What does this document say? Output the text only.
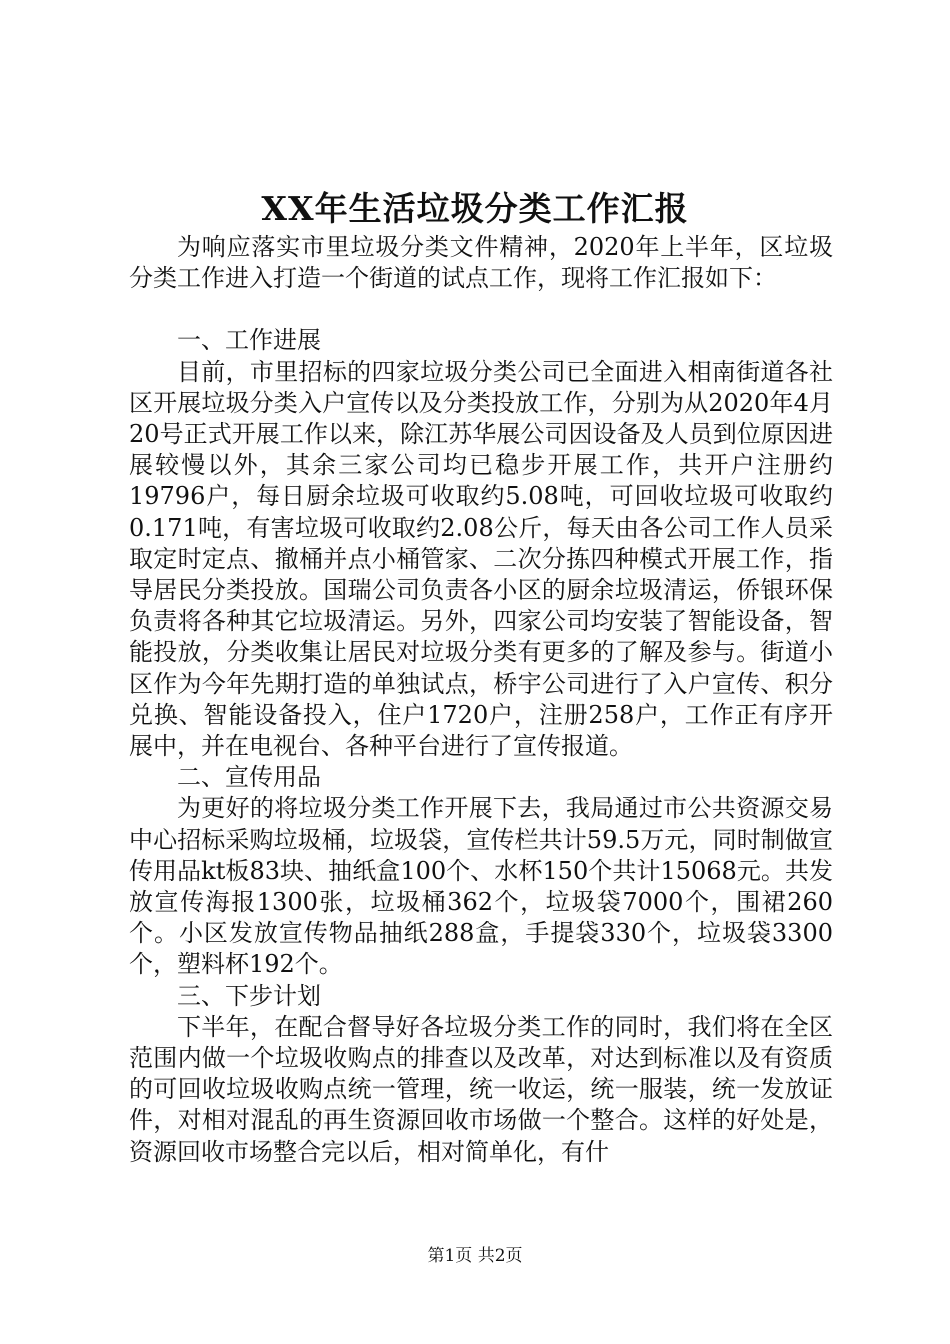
XX年生活垃圾分类工作汇报

为响应落实市里垃圾分类文件精神，2020年上半年，区垃圾分类工作进入打造一个街道的试点工作，现将工作汇报如下：

一、工作进展

目前，市里招标的四家垃圾分类公司已全面进入相南街道各社区开展垃圾分类入户宣传以及分类投放工作，分别为从2020年4月20号正式开展工作以来，除江苏华展公司因设备及人员到位原因进展较慢以外，其余三家公司均已稳步开展工作，共开户注册约19796户，每日厨余垃圾可收取约5.08吨，可回收垃圾可收取约0.171吨，有害垃圾可收取约2.08公斤，每天由各公司工作人员采取定时定点、撤桶并点小桶管家、二次分拣四种模式开展工作，指导居民分类投放。国瑞公司负责各小区的厨余垃圾清运，侨银环保负责将各种其它垃圾清运。另外，四家公司均安装了智能设备，智能投放，分类收集让居民对垃圾分类有更多的了解及参与。街道小区作为今年先期打造的单独试点，桥宇公司进行了入户宣传、积分兑换、智能设备投入，住户1720户，注册258户，工作正有序开展中，并在电视台、各种平台进行了宣传报道。

二、宣传用品

为更好的将垃圾分类工作开展下去，我局通过市公共资源交易中心招标采购垃圾桶，垃圾袋，宣传栏共计59.5万元，同时制做宣传用品kt板83块、抽纸盒100个、水杯150个共计15068元。共发放宣传海报1300张，垃圾桶362个，垃圾袋7000个，围裙260个。小区发放宣传物品抽纸288盒，手提袋330个，垃圾袋3300个，塑料杯192个。

三、下步计划

下半年，在配合督导好各垃圾分类工作的同时，我们将在全区范围内做一个垃圾收购点的排查以及改革，对达到标准以及有资质的可回收垃圾收购点统一管理，统一收运，统一服装，统一发放证件，对相对混乱的再生资源回收市场做一个整合。这样的好处是，资源回收市场整合完以后，相对简单化，有什

第1页 共2页
